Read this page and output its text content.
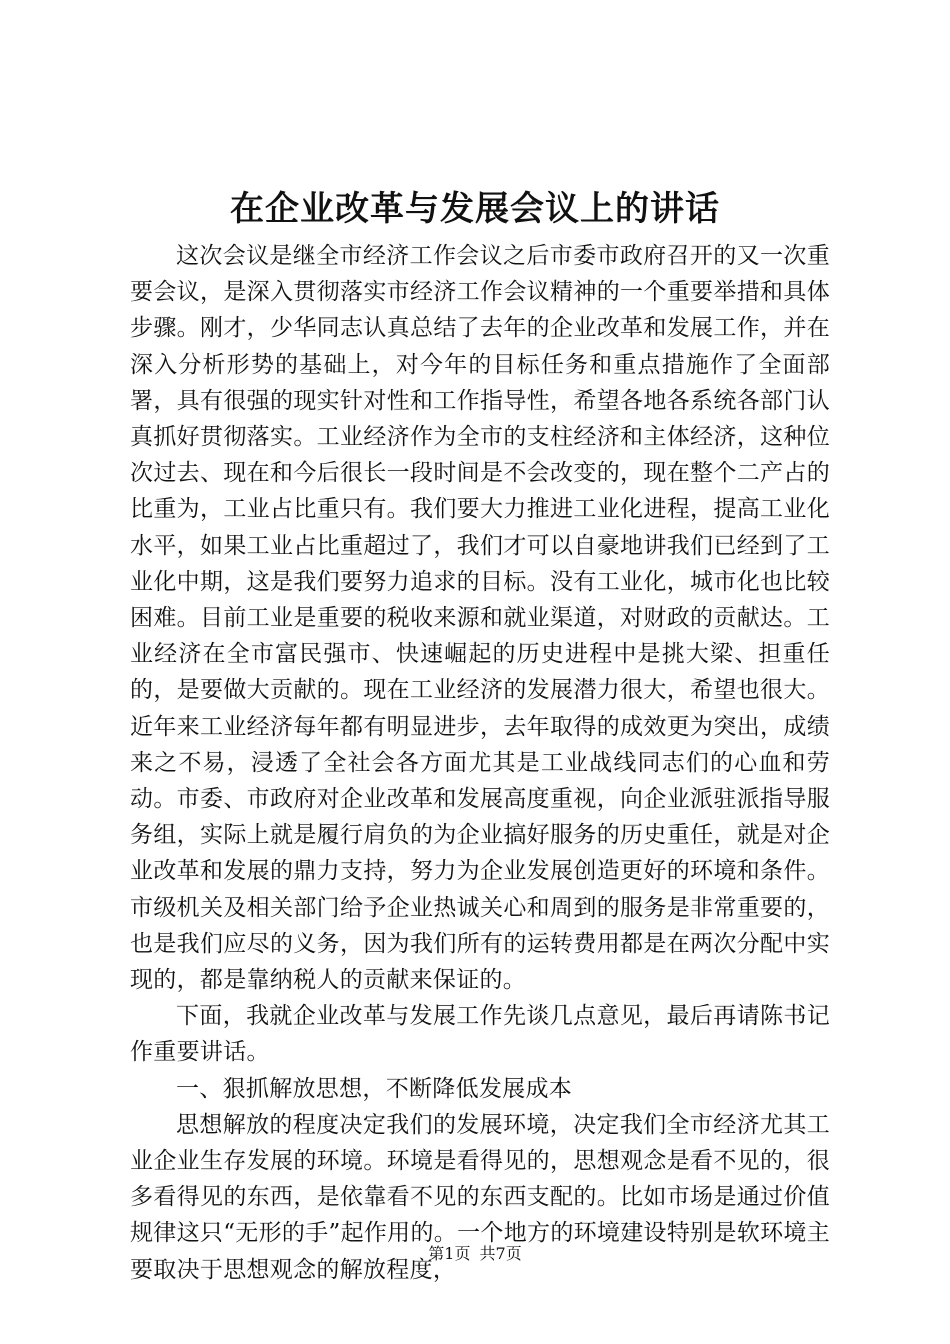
在企业改革与发展会议上的讲话

这次会议是继全市经济工作会议之后市委市政府召开的又一次重要会议，是深入贯彻落实市经济工作会议精神的一个重要举措和具体步骤。刚才，少华同志认真总结了去年的企业改革和发展工作，并在深入分析形势的基础上，对今年的目标任务和重点措施作了全面部署，具有很强的现实针对性和工作指导性，希望各地各系统各部门认真抓好贯彻落实。工业经济作为全市的支柱经济和主体经济，这种位次过去、现在和今后很长一段时间是不会改变的，现在整个二产占的比重为，工业占比重只有。我们要大力推进工业化进程，提高工业化水平，如果工业占比重超过了，我们才可以自豪地讲我们已经到了工业化中期，这是我们要努力追求的目标。没有工业化，城市化也比较困难。目前工业是重要的税收来源和就业渠道，对财政的贡献达。工业经济在全市富民强市、快速崛起的历史进程中是挑大梁、担重任的，是要做大贡献的。现在工业经济的发展潜力很大，希望也很大。近年来工业经济每年都有明显进步，去年取得的成效更为突出，成绩来之不易，浸透了全社会各方面尤其是工业战线同志们的心血和劳动。市委、市政府对企业改革和发展高度重视，向企业派驻派指导服务组，实际上就是履行肩负的为企业搞好服务的历史重任，就是对企业改革和发展的鼎力支持，努力为企业发展创造更好的环境和条件。市级机关及相关部门给予企业热诚关心和周到的服务是非常重要的，也是我们应尽的义务，因为我们所有的运转费用都是在两次分配中实现的，都是靠纳税人的贡献来保证的。

下面，我就企业改革与发展工作先谈几点意见，最后再请陈书记作重要讲话。

一、狠抓解放思想，不断降低发展成本

思想解放的程度决定我们的发展环境，决定我们全市经济尤其工业企业生存发展的环境。环境是看得见的，思想观念是看不见的，很多看得见的东西，是依靠看不见的东西支配的。比如市场是通过价值规律这只“无形的手”起作用的。一个地方的环境建设特别是软环境主要取决于思想观念的解放程度，

第1页 共7页
